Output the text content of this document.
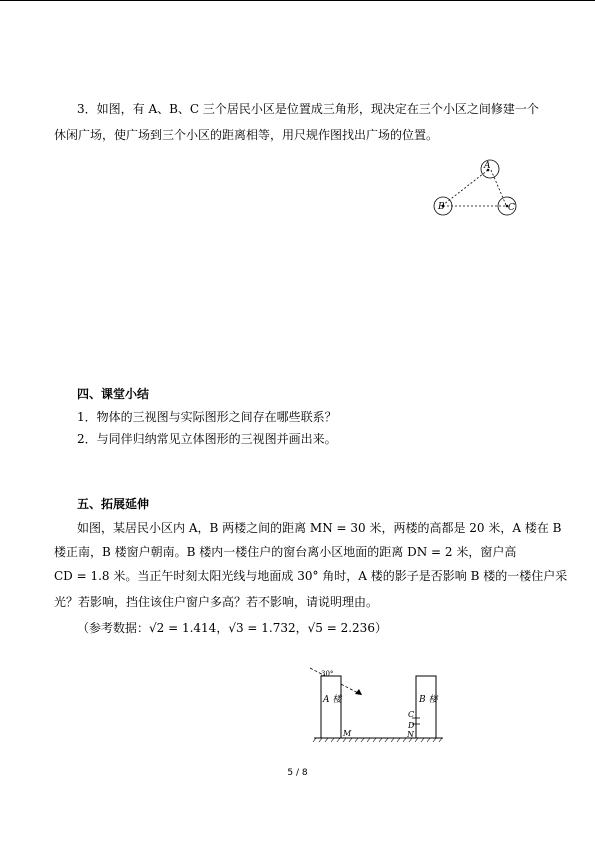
3．如图，有 A、B、C 三个居民小区是位置成三角形，现决定在三个小区之间修建一个
休闲广场，使广场到三个小区的距离相等，用尺规作图找出广场的位置。
A
B	C
四、课堂小结
1．物体的三视图与实际图形之间存在哪些联系？
2．与同伴归纳常见立体图形的三视图并画出来。
五、拓展延伸
如图，某居民小区内 A，B 两楼之间的距离 MN = 30 米，两楼的高都是 20 米，A 楼在 B
楼正南，B 楼窗户朝南。B 楼内一楼住户的窗台离小区地面的距离 DN = 2 米，窗户高
CD = 1.8 米。当正午时刻太阳光线与地面成 30° 角时，A 楼的影子是否影响 B 楼的一楼住户采
光？若影响，挡住该住户窗户多高？若不影响，请说明理由。
（参考数据：√2 = 1.414，√3 = 1.732，√5 = 2.236）
30°
A 楼	B 楼
M	N
C
D
5 / 8
